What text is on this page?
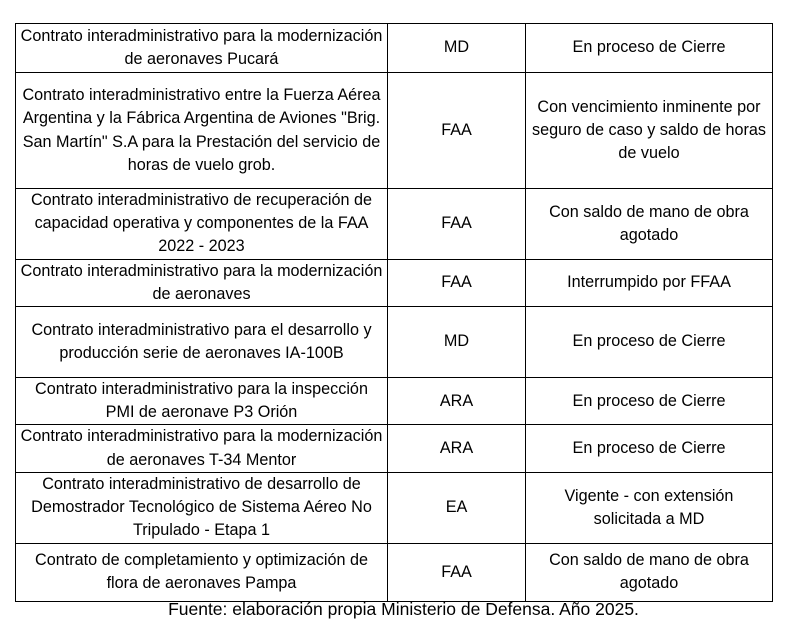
Contrato interadministrativo para la modernización de aeronaves Pucará	MD	En proceso de Cierre
Contrato interadministrativo entre la Fuerza Aérea Argentina y la Fábrica Argentina de Aviones "Brig. San Martín" S.A para la Prestación del servicio de horas de vuelo grob.	FAA	Con vencimiento inminente por seguro de caso y saldo de horas de vuelo
Contrato interadministrativo de recuperación de capacidad operativa y componentes de la FAA 2022 - 2023	FAA	Con saldo de mano de obra agotado
Contrato interadministrativo para la modernización de aeronaves	FAA	Interrumpido por FFAA
Contrato interadministrativo para el desarrollo y producción serie de aeronaves IA-100B	MD	En proceso de Cierre
Contrato interadministrativo para la inspección PMI de aeronave P3 Orión	ARA	En proceso de Cierre
Contrato interadministrativo para la modernización de aeronaves T-34 Mentor	ARA	En proceso de Cierre
Contrato interadministrativo de desarrollo de Demostrador Tecnológico de Sistema Aéreo No Tripulado - Etapa 1	EA	Vigente - con extensión solicitada a MD
Contrato de completamiento y optimización de flora de aeronaves Pampa	FAA	Con saldo de mano de obra agotado
Fuente: elaboración propia Ministerio de Defensa. Año 2025.
